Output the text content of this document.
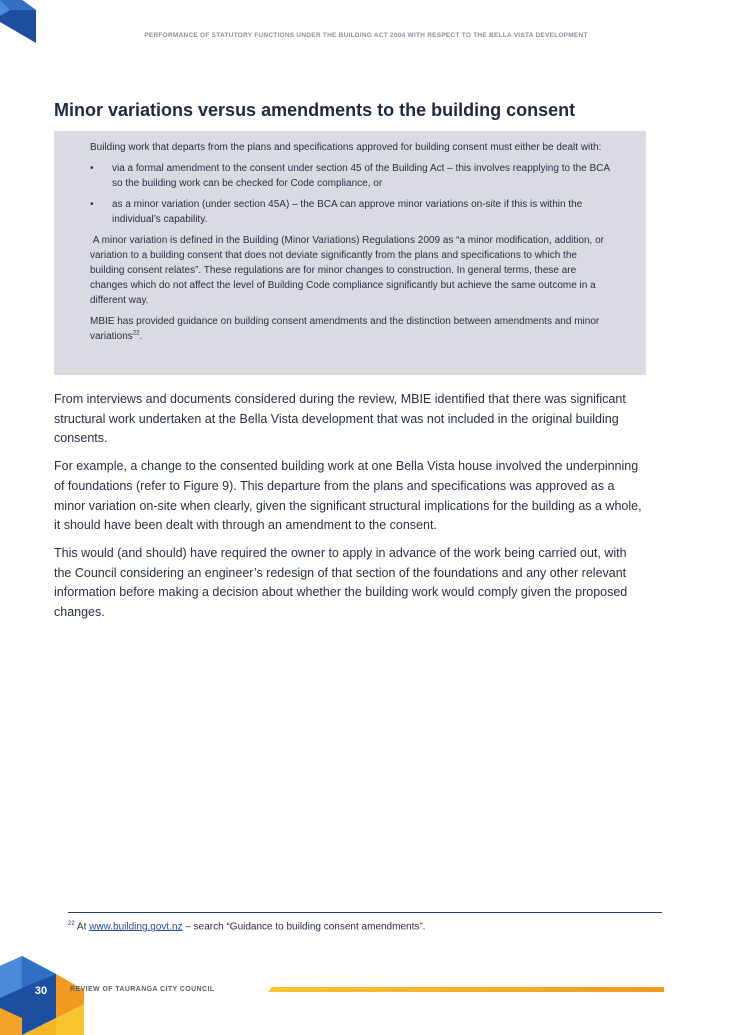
PERFORMANCE OF STATUTORY FUNCTIONS UNDER THE BUILDING ACT 2004 WITH RESPECT TO THE BELLA VISTA DEVELOPMENT
Minor variations versus amendments to the building consent

Building work that departs from the plans and specifications approved for building consent must either be dealt with:

• via a formal amendment to the consent under section 45 of the Building Act – this involves reapplying to the BCA so the building work can be checked for Code compliance, or
• as a minor variation (under section 45A) – the BCA can approve minor variations on-site if this is within the individual’s capability.

A minor variation is defined in the Building (Minor Variations) Regulations 2009 as “a minor modification, addition, or variation to a building consent that does not deviate significantly from the plans and specifications to which the building consent relates”. These regulations are for minor changes to construction. In general terms, these are changes which do not affect the level of Building Code compliance significantly but achieve the same outcome in a different way.

MBIE has provided guidance on building consent amendments and the distinction between amendments and minor variations$^{22}$.

From interviews and documents considered during the review, MBIE identified that there was significant structural work undertaken at the Bella Vista development that was not included in the original building consents.

For example, a change to the consented building work at one Bella Vista house involved the underpinning of foundations (refer to Figure 9). This departure from the plans and specifications was approved as a minor variation on-site when clearly, given the significant structural implications for the building as a whole, it should have been dealt with through an amendment to the consent.

This would (and should) have required the owner to apply in advance of the work being carried out, with the Council considering an engineer’s redesign of that section of the foundations and any other relevant information before making a decision about whether the building work would comply given the proposed changes.

$^{22}$ At www.building.govt.nz – search “Guidance to building consent amendments”.
30	REVIEW OF TAURANGA CITY COUNCIL
